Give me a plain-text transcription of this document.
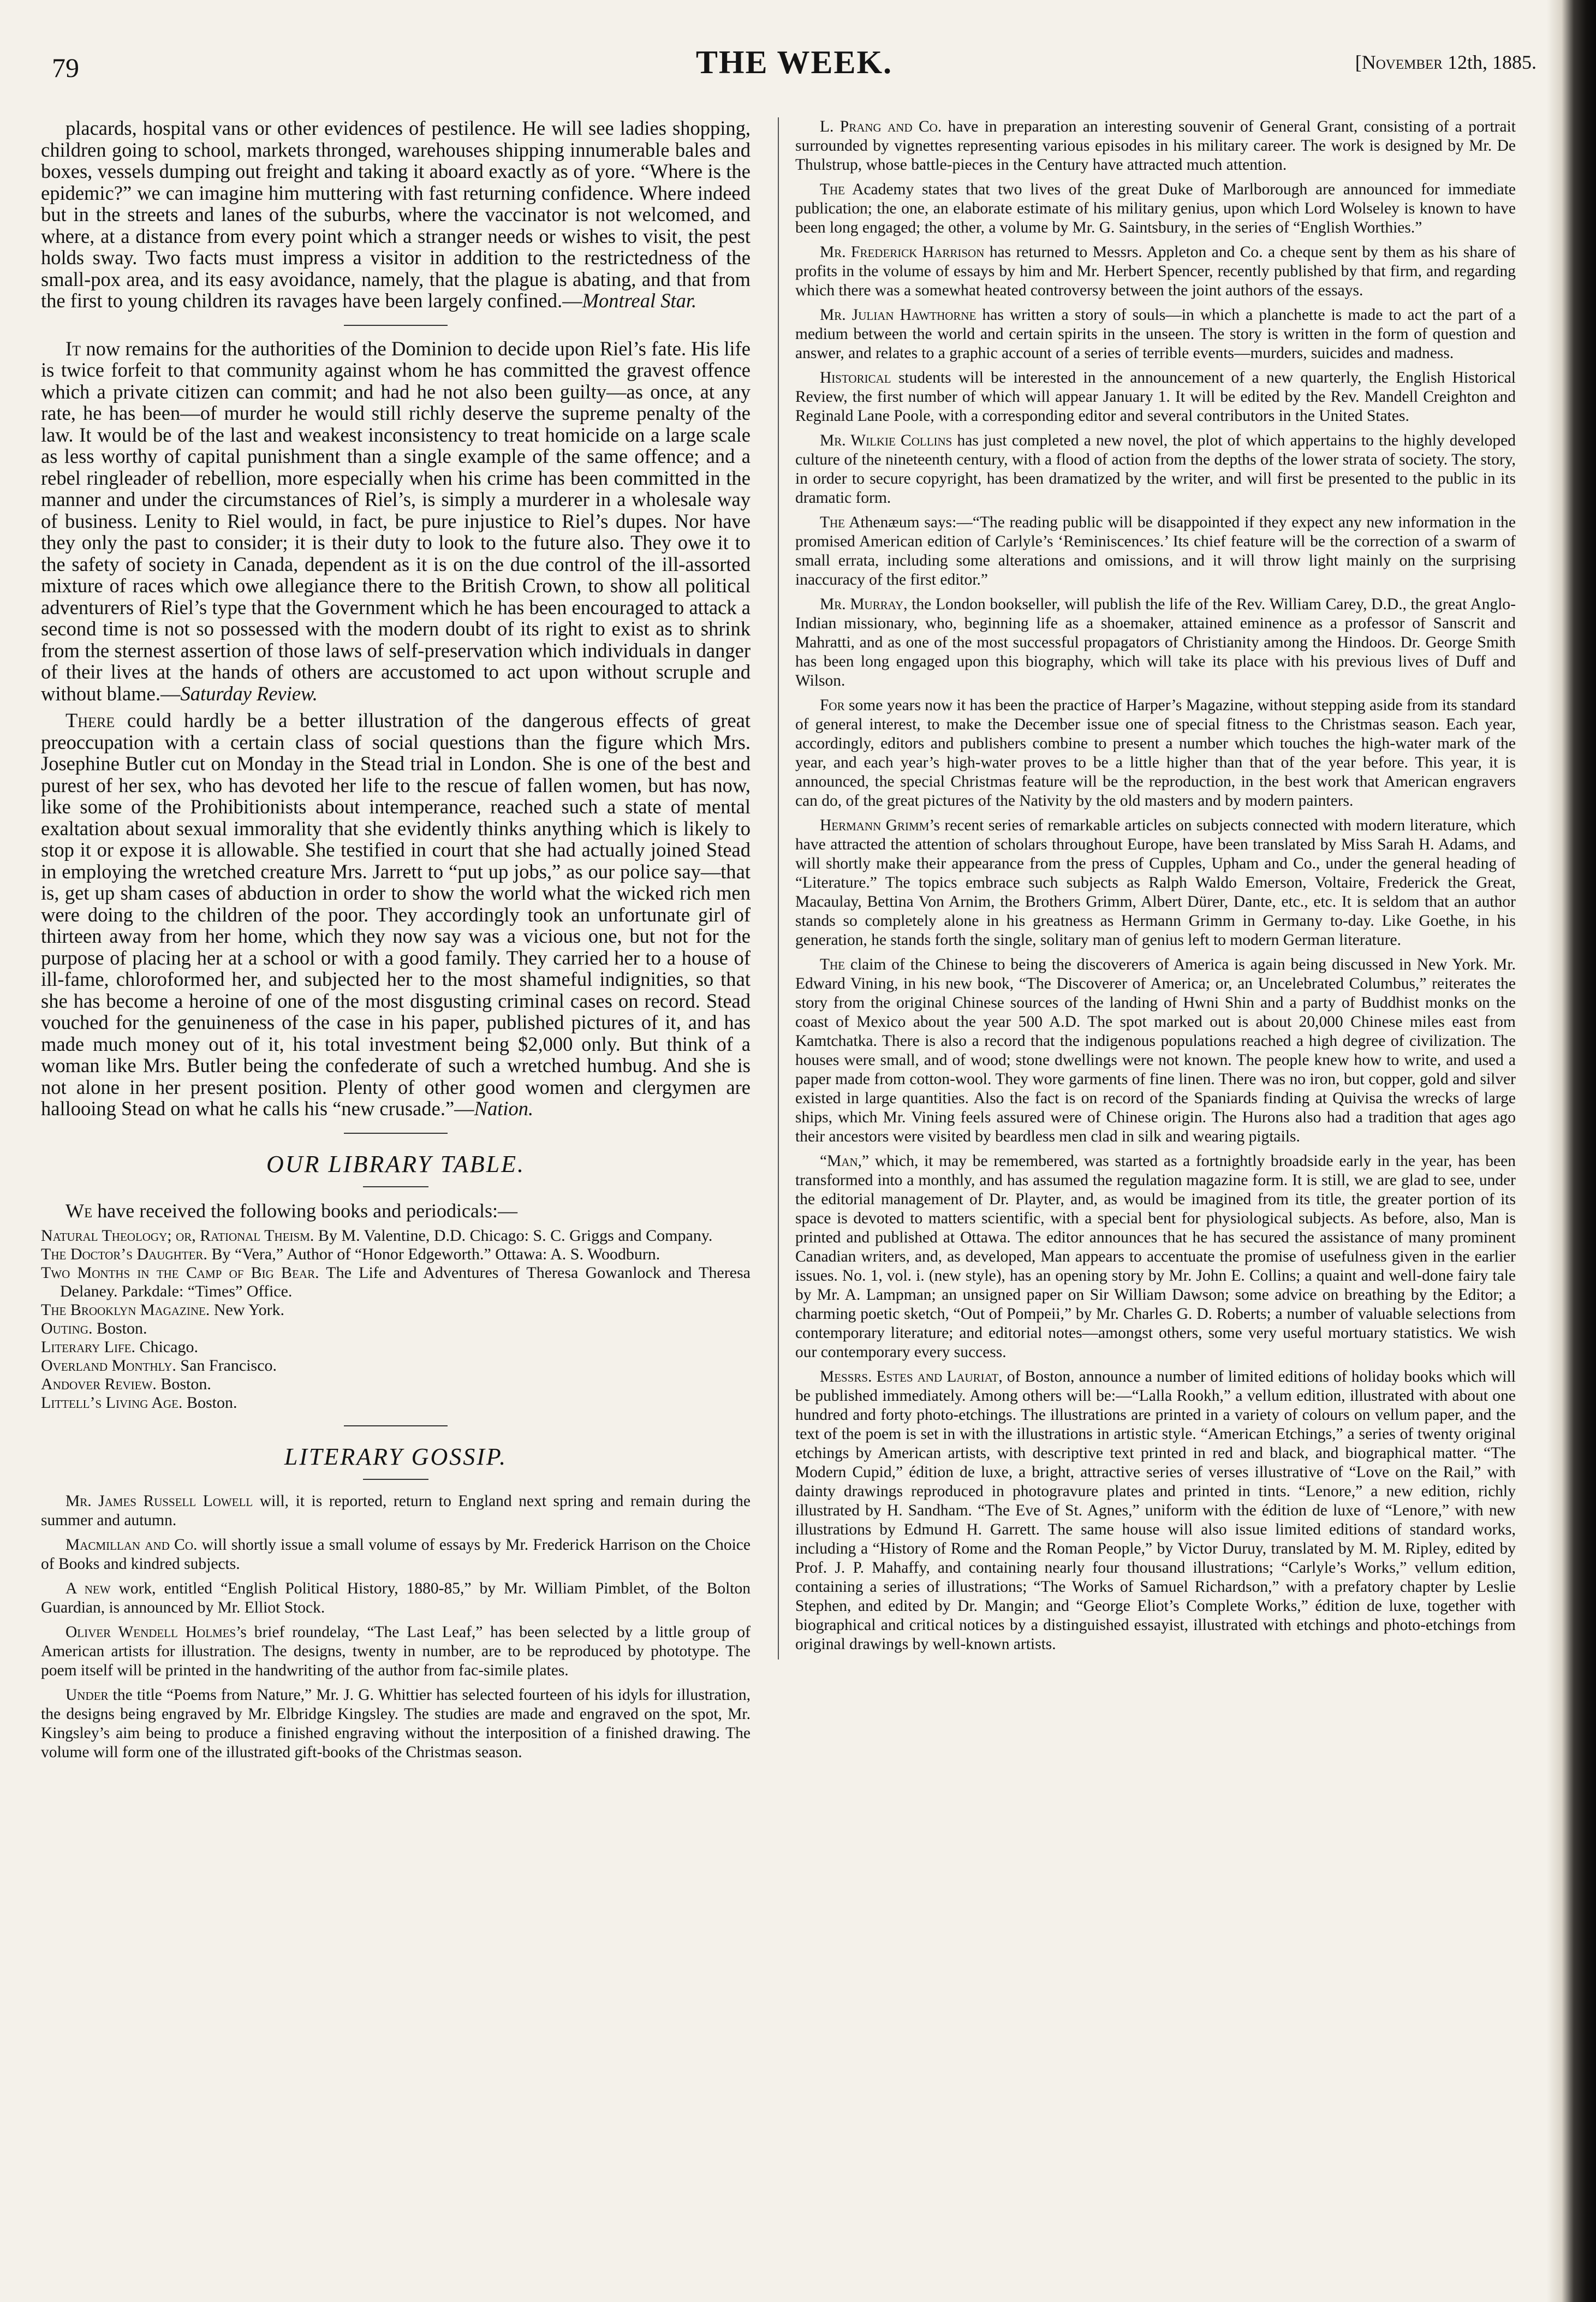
79	THE WEEK.	[November 12th, 1885.

placards, hospital vans or other evidences of pestilence. He will see ladies shopping, children going to school, markets thronged, warehouses shipping innumerable bales and boxes, vessels dumping out freight and taking it aboard exactly as of yore. “Where is the epidemic?” we can imagine him muttering with fast returning confidence. Where indeed but in the streets and lanes of the suburbs, where the vaccinator is not welcomed, and where, at a distance from every point which a stranger needs or wishes to visit, the pest holds sway. Two facts must impress a visitor in addition to the restrictedness of the small-pox area, and its easy avoidance, namely, that the plague is abating, and that from the first to young children its ravages have been largely confined.—Montreal Star.

It now remains for the authorities of the Dominion to decide upon Riel’s fate. His life is twice forfeit to that community against whom he has committed the gravest offence which a private citizen can commit; and had he not also been guilty—as once, at any rate, he has been—of murder he would still richly deserve the supreme penalty of the law. It would be of the last and weakest inconsistency to treat homicide on a large scale as less worthy of capital punishment than a single example of the same offence; and a rebel ringleader of rebellion, more especially when his crime has been committed in the manner and under the circumstances of Riel’s, is simply a murderer in a wholesale way of business. Lenity to Riel would, in fact, be pure injustice to Riel’s dupes. Nor have they only the past to consider; it is their duty to look to the future also. They owe it to the safety of society in Canada, dependent as it is on the due control of the ill-assorted mixture of races which owe allegiance there to the British Crown, to show all political adventurers of Riel’s type that the Government which he has been encouraged to attack a second time is not so possessed with the modern doubt of its right to exist as to shrink from the sternest assertion of those laws of self-preservation which individuals in danger of their lives at the hands of others are accustomed to act upon without scruple and without blame.—Saturday Review.

There could hardly be a better illustration of the dangerous effects of great preoccupation with a certain class of social questions than the figure which Mrs. Josephine Butler cut on Monday in the Stead trial in London. She is one of the best and purest of her sex, who has devoted her life to the rescue of fallen women, but has now, like some of the Prohibitionists about intemperance, reached such a state of mental exaltation about sexual immorality that she evidently thinks anything which is likely to stop it or expose it is allowable. She testified in court that she had actually joined Stead in employing the wretched creature Mrs. Jarrett to “put up jobs,” as our police say—that is, get up sham cases of abduction in order to show the world what the wicked rich men were doing to the children of the poor. They accordingly took an unfortunate girl of thirteen away from her home, which they now say was a vicious one, but not for the purpose of placing her at a school or with a good family. They carried her to a house of ill-fame, chloroformed her, and subjected her to the most shameful indignities, so that she has become a heroine of one of the most disgusting criminal cases on record. Stead vouched for the genuineness of the case in his paper, published pictures of it, and has made much money out of it, his total investment being $2,000 only. But think of a woman like Mrs. Butler being the confederate of such a wretched humbug. And she is not alone in her present position. Plenty of other good women and clergymen are hallooing Stead on what he calls his “new crusade.”—Nation.

OUR LIBRARY TABLE.

We have received the following books and periodicals:—

Natural Theology; or, Rational Theism. By M. Valentine, D.D. Chicago: S. C. Griggs and Company.

The Doctor’s Daughter. By “Vera,” Author of “Honor Edgeworth.” Ottawa: A. S. Woodburn.

Two Months in the Camp of Big Bear. The Life and Adventures of Theresa Gowanlock and Theresa Delaney. Parkdale: “Times” Office.

The Brooklyn Magazine. New York.

Outing. Boston.

Literary Life. Chicago.

Overland Monthly. San Francisco.

Andover Review. Boston.

Littell’s Living Age. Boston.

LITERARY GOSSIP.

Mr. James Russell Lowell will, it is reported, return to England next spring and remain during the summer and autumn.

Macmillan and Co. will shortly issue a small volume of essays by Mr. Frederick Harrison on the Choice of Books and kindred subjects.

A new work, entitled “English Political History, 1880-85,” by Mr. William Pimblet, of the Bolton Guardian, is announced by Mr. Elliot Stock.

Oliver Wendell Holmes’s brief roundelay, “The Last Leaf,” has been selected by a little group of American artists for illustration. The designs, twenty in number, are to be reproduced by phototype. The poem itself will be printed in the handwriting of the author from fac-simile plates.

Under the title “Poems from Nature,” Mr. J. G. Whittier has selected fourteen of his idyls for illustration, the designs being engraved by Mr. Elbridge Kingsley. The studies are made and engraved on the spot, Mr. Kingsley’s aim being to produce a finished engraving without the interposition of a finished drawing. The volume will form one of the illustrated gift-books of the Christmas season.

L. Prang and Co. have in preparation an interesting souvenir of General Grant, consisting of a portrait surrounded by vignettes representing various episodes in his military career. The work is designed by Mr. De Thulstrup, whose battle-pieces in the Century have attracted much attention.

The Academy states that two lives of the great Duke of Marlborough are announced for immediate publication; the one, an elaborate estimate of his military genius, upon which Lord Wolseley is known to have been long engaged; the other, a volume by Mr. G. Saintsbury, in the series of “English Worthies.”

Mr. Frederick Harrison has returned to Messrs. Appleton and Co. a cheque sent by them as his share of profits in the volume of essays by him and Mr. Herbert Spencer, recently published by that firm, and regarding which there was a somewhat heated controversy between the joint authors of the essays.

Mr. Julian Hawthorne has written a story of souls—in which a planchette is made to act the part of a medium between the world and certain spirits in the unseen. The story is written in the form of question and answer, and relates to a graphic account of a series of terrible events—murders, suicides and madness.

Historical students will be interested in the announcement of a new quarterly, the English Historical Review, the first number of which will appear January 1. It will be edited by the Rev. Mandell Creighton and Reginald Lane Poole, with a corresponding editor and several contributors in the United States.

Mr. Wilkie Collins has just completed a new novel, the plot of which appertains to the highly developed culture of the nineteenth century, with a flood of action from the depths of the lower strata of society. The story, in order to secure copyright, has been dramatized by the writer, and will first be presented to the public in its dramatic form.

The Athenæum says:—“The reading public will be disappointed if they expect any new information in the promised American edition of Carlyle’s ‘Reminiscences.’ Its chief feature will be the correction of a swarm of small errata, including some alterations and omissions, and it will throw light mainly on the surprising inaccuracy of the first editor.”

Mr. Murray, the London bookseller, will publish the life of the Rev. William Carey, D.D., the great Anglo-Indian missionary, who, beginning life as a shoemaker, attained eminence as a professor of Sanscrit and Mahratti, and as one of the most successful propagators of Christianity among the Hindoos. Dr. George Smith has been long engaged upon this biography, which will take its place with his previous lives of Duff and Wilson.

For some years now it has been the practice of Harper’s Magazine, without stepping aside from its standard of general interest, to make the December issue one of special fitness to the Christmas season. Each year, accordingly, editors and publishers combine to present a number which touches the high-water mark of the year, and each year’s high-water proves to be a little higher than that of the year before. This year, it is announced, the special Christmas feature will be the reproduction, in the best work that American engravers can do, of the great pictures of the Nativity by the old masters and by modern painters.

Hermann Grimm’s recent series of remarkable articles on subjects connected with modern literature, which have attracted the attention of scholars throughout Europe, have been translated by Miss Sarah H. Adams, and will shortly make their appearance from the press of Cupples, Upham and Co., under the general heading of “Literature.” The topics embrace such subjects as Ralph Waldo Emerson, Voltaire, Frederick the Great, Macaulay, Bettina Von Arnim, the Brothers Grimm, Albert Dürer, Dante, etc., etc. It is seldom that an author stands so completely alone in his greatness as Hermann Grimm in Germany to-day. Like Goethe, in his generation, he stands forth the single, solitary man of genius left to modern German literature.

The claim of the Chinese to being the discoverers of America is again being discussed in New York. Mr. Edward Vining, in his new book, “The Discoverer of America; or, an Uncelebrated Columbus,” reiterates the story from the original Chinese sources of the landing of Hwni Shin and a party of Buddhist monks on the coast of Mexico about the year 500 A.D. The spot marked out is about 20,000 Chinese miles east from Kamtchatka. There is also a record that the indigenous populations reached a high degree of civilization. The houses were small, and of wood; stone dwellings were not known. The people knew how to write, and used a paper made from cotton-wool. They wore garments of fine linen. There was no iron, but copper, gold and silver existed in large quantities. Also the fact is on record of the Spaniards finding at Quivisa the wrecks of large ships, which Mr. Vining feels assured were of Chinese origin. The Hurons also had a tradition that ages ago their ancestors were visited by beardless men clad in silk and wearing pigtails.

“Man,” which, it may be remembered, was started as a fortnightly broadside early in the year, has been transformed into a monthly, and has assumed the regulation magazine form. It is still, we are glad to see, under the editorial management of Dr. Playter, and, as would be imagined from its title, the greater portion of its space is devoted to matters scientific, with a special bent for physiological subjects. As before, also, Man is printed and published at Ottawa. The editor announces that he has secured the assistance of many prominent Canadian writers, and, as developed, Man appears to accentuate the promise of usefulness given in the earlier issues. No. 1, vol. i. (new style), has an opening story by Mr. John E. Collins; a quaint and well-done fairy tale by Mr. A. Lampman; an unsigned paper on Sir William Dawson; some advice on breathing by the Editor; a charming poetic sketch, “Out of Pompeii,” by Mr. Charles G. D. Roberts; a number of valuable selections from contemporary literature; and editorial notes—amongst others, some very useful mortuary statistics. We wish our contemporary every success.

Messrs. Estes and Lauriat, of Boston, announce a number of limited editions of holiday books which will be published immediately. Among others will be:—“Lalla Rookh,” a vellum edition, illustrated with about one hundred and forty photo-etchings. The illustrations are printed in a variety of colours on vellum paper, and the text of the poem is set in with the illustrations in artistic style. “American Etchings,” a series of twenty original etchings by American artists, with descriptive text printed in red and black, and biographical matter. “The Modern Cupid,” édition de luxe, a bright, attractive series of verses illustrative of “Love on the Rail,” with dainty drawings reproduced in photogravure plates and printed in tints. “Lenore,” a new edition, richly illustrated by H. Sandham. “The Eve of St. Agnes,” uniform with the édition de luxe of “Lenore,” with new illustrations by Edmund H. Garrett. The same house will also issue limited editions of standard works, including a “History of Rome and the Roman People,” by Victor Duruy, translated by M. M. Ripley, edited by Prof. J. P. Mahaffy, and containing nearly four thousand illustrations; “Carlyle’s Works,” vellum edition, containing a series of illustrations; “The Works of Samuel Richardson,” with a prefatory chapter by Leslie Stephen, and edited by Dr. Mangin; and “George Eliot’s Complete Works,” édition de luxe, together with biographical and critical notices by a distinguished essayist, illustrated with etchings and photo-etchings from original drawings by well-known artists.
